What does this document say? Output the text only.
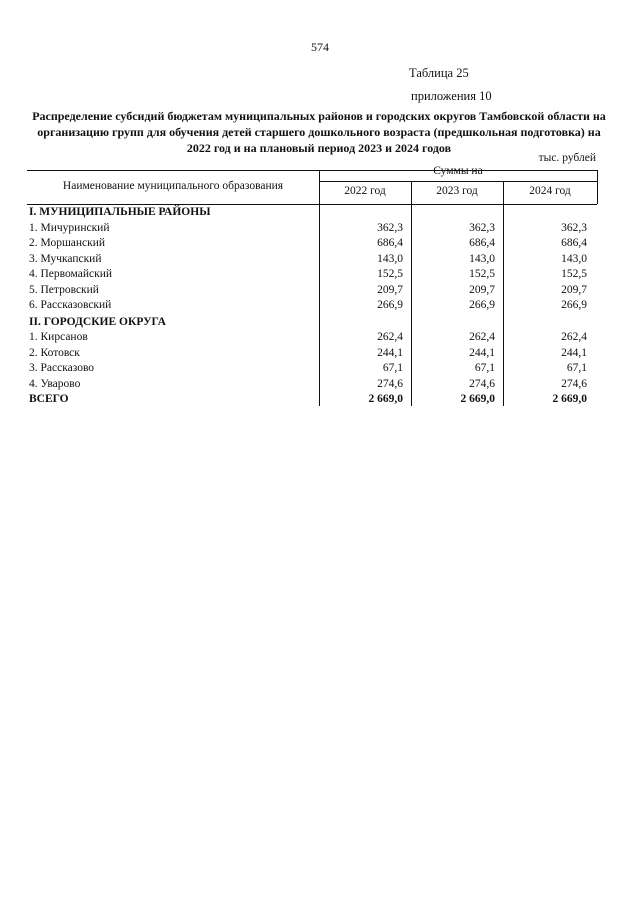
574
Таблица 25
приложения 10
Распределение субсидий бюджетам муниципальных районов и городских округов Тамбовской области на организацию групп для обучения детей старшего дошкольного возраста (предшкольная подготовка) на 2022 год и на плановый период 2023 и 2024 годов
тыс. рублей
Наименование муниципального образования
Суммы на
2022 год	2023 год	2024 год
I. МУНИЦИПАЛЬНЫЕ РАЙОНЫ
1. Мичуринский	362,3	362,3	362,3
2. Моршанский	686,4	686,4	686,4
3. Мучкапский	143,0	143,0	143,0
4. Первомайский	152,5	152,5	152,5
5. Петровский	209,7	209,7	209,7
6. Рассказовский	266,9	266,9	266,9
II. ГОРОДСКИЕ ОКРУГА
1. Кирсанов	262,4	262,4	262,4
2. Котовск	244,1	244,1	244,1
3. Рассказово	67,1	67,1	67,1
4. Уварово	274,6	274,6	274,6
ВСЕГО	2 669,0	2 669,0	2 669,0
